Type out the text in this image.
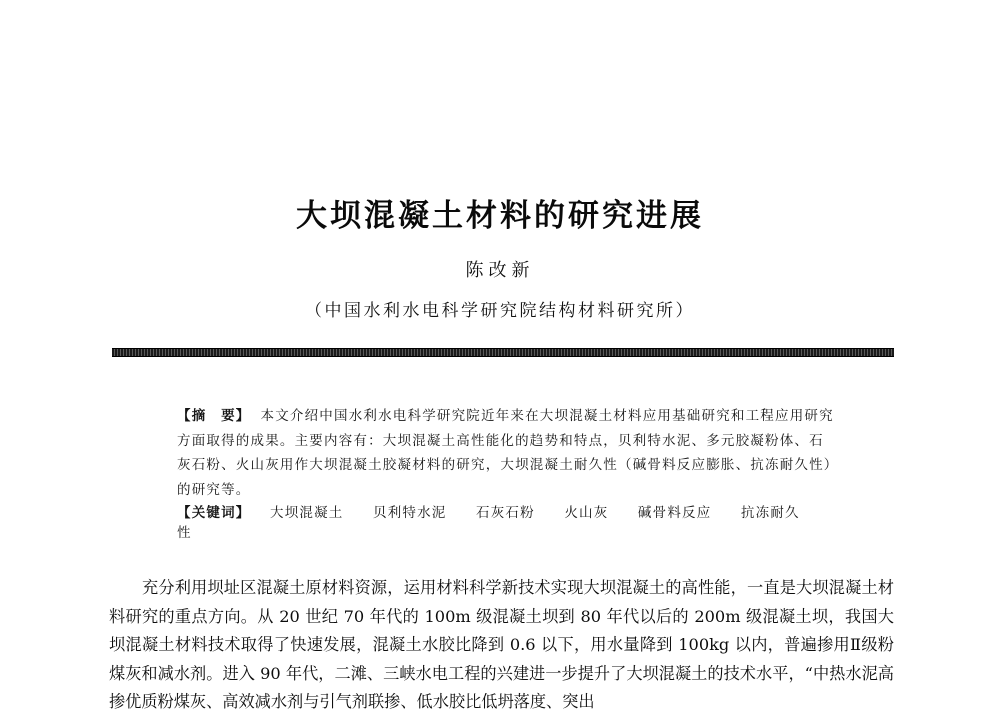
大坝混凝土材料的研究进展
陈改新
（中国水利水电科学研究院结构材料研究所）
【摘　要】 本文介绍中国水利水电科学研究院近年来在大坝混凝土材料应用基础研究和工程应用研究方面取得的成果。主要内容有：大坝混凝土高性能化的趋势和特点，贝利特水泥、多元胶凝粉体、石灰石粉、火山灰用作大坝混凝土胶凝材料的研究，大坝混凝土耐久性（碱骨料反应膨胀、抗冻耐久性）的研究等。
【关键词】 大坝混凝土 贝利特水泥 石灰石粉 火山灰 碱骨料反应 抗冻耐久性
充分利用坝址区混凝土原材料资源，运用材料科学新技术实现大坝混凝土的高性能，一直是大坝混凝土材料研究的重点方向。从 20 世纪 70 年代的 100m 级混凝土坝到 80 年代以后的 200m 级混凝土坝，我国大坝混凝土材料技术取得了快速发展，混凝土水胶比降到 0.6 以下，用水量降到 100kg 以内，普遍掺用Ⅱ级粉煤灰和减水剂。进入 90 年代，二滩、三峡水电工程的兴建进一步提升了大坝混凝土的技术水平，“中热水泥高掺优质粉煤灰、高效减水剂与引气剂联掺、低水胶比低坍落度、突出
